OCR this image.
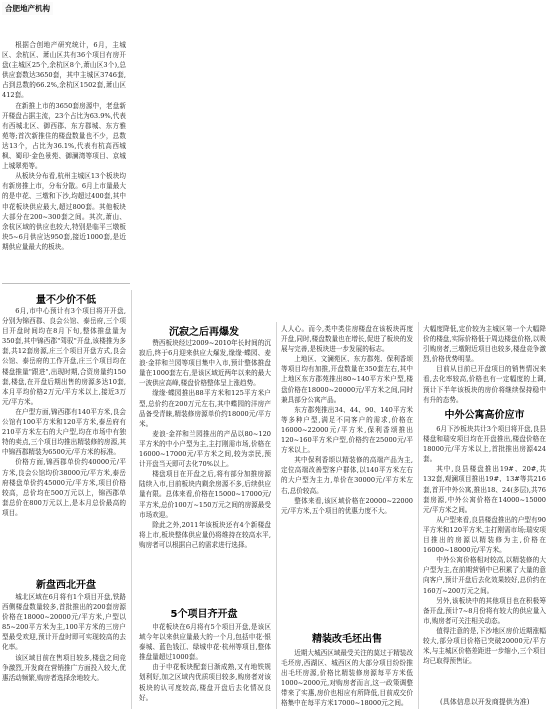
合肥地产机构

根据合创地产研究统计，6月，主城区、余杭区、萧山区共有36个项目有房开盘(主城区25个,余杭区8个,萧山区3个),总供应套数达3650套，其中主城区3746套,占到总数的66.2%,余杭区1502套,萧山区412套。

在新推上市的3650套房源中，老盘新开楼盘占据主流，23个占比为63.9%,代表有西城北区、御西郡、东方郡城、东方雅苑等;首次新推住的楼盘数量也不少，总数达13个，占比为36.1%,代表有杭高西城枫、蜀印·金色景苑、御澜湾等项目、京城上城翠苑等。

从板块分布看,杭州主城区13个板块均有新房推上市，分布分散。6月上市量最大的是申花、三墩和下沙,均超过400套,其中申花板块供应最大,超过800套。其他板块大部分在200~300套之间。其次,萧山、余杭区域的供应也较大,特别是临平三墩板块5~6月供应达950套,接近1000套,是近期供应量最大的板块。

量不少价不低

6月,市中心预计有3个项目将开开盘,分别为锦西郡、良会公馆、泰岳府,三个项目开盘时间均在8月下旬,整体推盘量为350套,其中锦西郡"驾驭"开盘,该楼推为多套,共12套房源,庄三个项目开盘方式,良会公馆、泰岳府的工作开盘,庄三个项目均在楼盘推量"跟进",出现时期,合资房量约150套,楼盘,在开盘后期出售的房源多达10套,本月平均价格2万元/平方米以上,接近3万元/平方米。

在户型方面,锦西郡有140平方米,良会公馆有100平方米和120平方米,泰岳府有210平方米左右的大户型,均在市场中有独特的卖点,三个项目均推出精装修的房源,其中锦西郡精装为6500元/平方米的标准。

价格方面,锦西郡单价约40000元/平方米,良会公馆均价38000元/平方米,泰岳府楼盘单价约45000元/平方米,项目价格较高，总价均在500万元以上，锦西郡单套总价在800万元以上,是本月总价最高的项目。

新盘西北开盘

城北区域在6月将有1个项目开盘,铁路西侧楼盘数量较多,首批推出的200套房源价格在18000~20000元/平方米,户型以85~200平方米为主,100平方米的三房户型最受欢迎,预计开盘时即可实现较高的去化率。

该区域目前在售项目较多,楼盘之间竞争激烈,开发商在营销推广方面投入较大,优惠活动频繁,购房者选择余地较大。

沉寂之后再爆发

赞西板块经过2009~2010年长时间的沉寂后,终于6月迎来供应大爆发,缘缘·蝶园、麦浪·金祥和兰园等项目集中入市,预计整体推盘量在1000套左右,是该区域近两年以来的最大一波供应高峰,楼盘价格整体呈上涨趋势。

缘缘·蝶园推出88平方米和125平方米户型,总价约在200万元左右,其中蝶园的洋房产品备受青睐,精装修房源单价约18000元/平方米。

麦浪·金祥和兰园推出的产品以80~120平方米的中小户型为主,主打刚需市场,价格在16000~17000元/平方米之间,较为亲民,预计开盘当天即可去化70%以上。

楼盘项目在开盘之后,将有部分加推房源陆续入市,目前板块内剩余房源不多,后续供应量有限。总体来看,价格在15000~17000元/平方米,总价100万~150万元之间的房源最受市场欢迎。

除此之外,2011年该板块还有4个新楼盘将上市,板块整体供应量仍将维持在较高水平,购房者可以根据自己的需求进行选择。

5个项目齐开盘

申花板块在6月将有5个项目开盘,是该区域今年以来供应量最大的一个月,包括申花·银泰城、蓝色钱江、绿城申花·杭州等项目,整体推盘量超过1000套。

由于申花板块配套日渐成熟,又有地铁规划利好,加之区域内优质项目较多,购房者对该板块的认可度较高,楼盘开盘后去化情况良好。

人人心。而今,类中类住房楼盘在该板块再度开盘,同时,楼盘数量也在增长,促进了板块的发展与完善,是板块进一步发展的标志。

上地区、文澜苑区、东方郡苑、保利香颂等项目均有加推,开盘数量在350套左右,其中上地区东方郡苑推出80~140平方米户型,楼盘价格在18000~20000元/平方米之间,同时兼具部分公寓产品。

东方郡苑推出34、44、90、140平方米等多种户型,满足不同客户的需求,价格在16000~22000元/平方米,保利香颂推出120~160平方米户型,价格约在25000元/平方米以上。

其中保利香颂以精装修的高端产品为主,定位高端改善型客户群体,以140平方米左右的大户型为主力,单价在30000元/平方米左右,总价较高。

整体来看,该区域价格在20000~22000元/平方米,五个项目的优惠力度不大。

精装改毛坯出售

近期大城西区域最受关注的莫过于精装改毛坯房,西湖区、城西区的大部分项目纷纷推出毛坯房源,价格比精装修房源每平方米低1000~2000元,对购房者而言,这一政策调整带来了实惠,房价也相应有所降低,目前成交价格集中在每平方米17000~18000元之间。

大幅度降低,定价较为主城区第一个大幅降价的楼盘,实际价格低于周边楼盘价格,以吸引购房者,三墩附近项目也较多,楼盘竞争激烈,价格优势明显。

目前从目前已开盘项目的销售情况来看,去化率较高,价格也有一定幅度的上调,预计下半年该板块的房价将继续保持稳中有升的态势。

中外公寓高价应市

6月下沙板块共计3个项目将开盘,良县楼盘和瑞安项目均在开盘推出,楼盘价格在18000元/平方米以上,首批推出房源424套。

其中,良县楼盘推出19#、20#,共132套,观澜项目推出19#、13#等共216套,首开中外公寓,推出18、24(多层),共76套房源,中外公寓价格在14000~15000元/平方米之间。

从户型来看,良县楼盘推出的户型有90平方米和120平方米,主打刚需市场;瑞安项目推出的房源以精装修为主,价格在16000~18000元/平方米。

中外公寓价格相对较高,以精装修的大户型为主,在前期营销中已积累了大量的意向客户,预计开盘后去化效果较好,总价约在160万~200万元之间。

另外,该板块中的其他项目也在积极筹备开盘,预计7~8月份将有较大的供应量入市,购房者可关注相关动态。

值得注意的是,下沙地区房价近期涨幅较大,部分项目价格已突破20000元/平方米,与主城区价格差距进一步缩小,三个项目均已取得预售证。

(具体信息以开发商提供为准)
